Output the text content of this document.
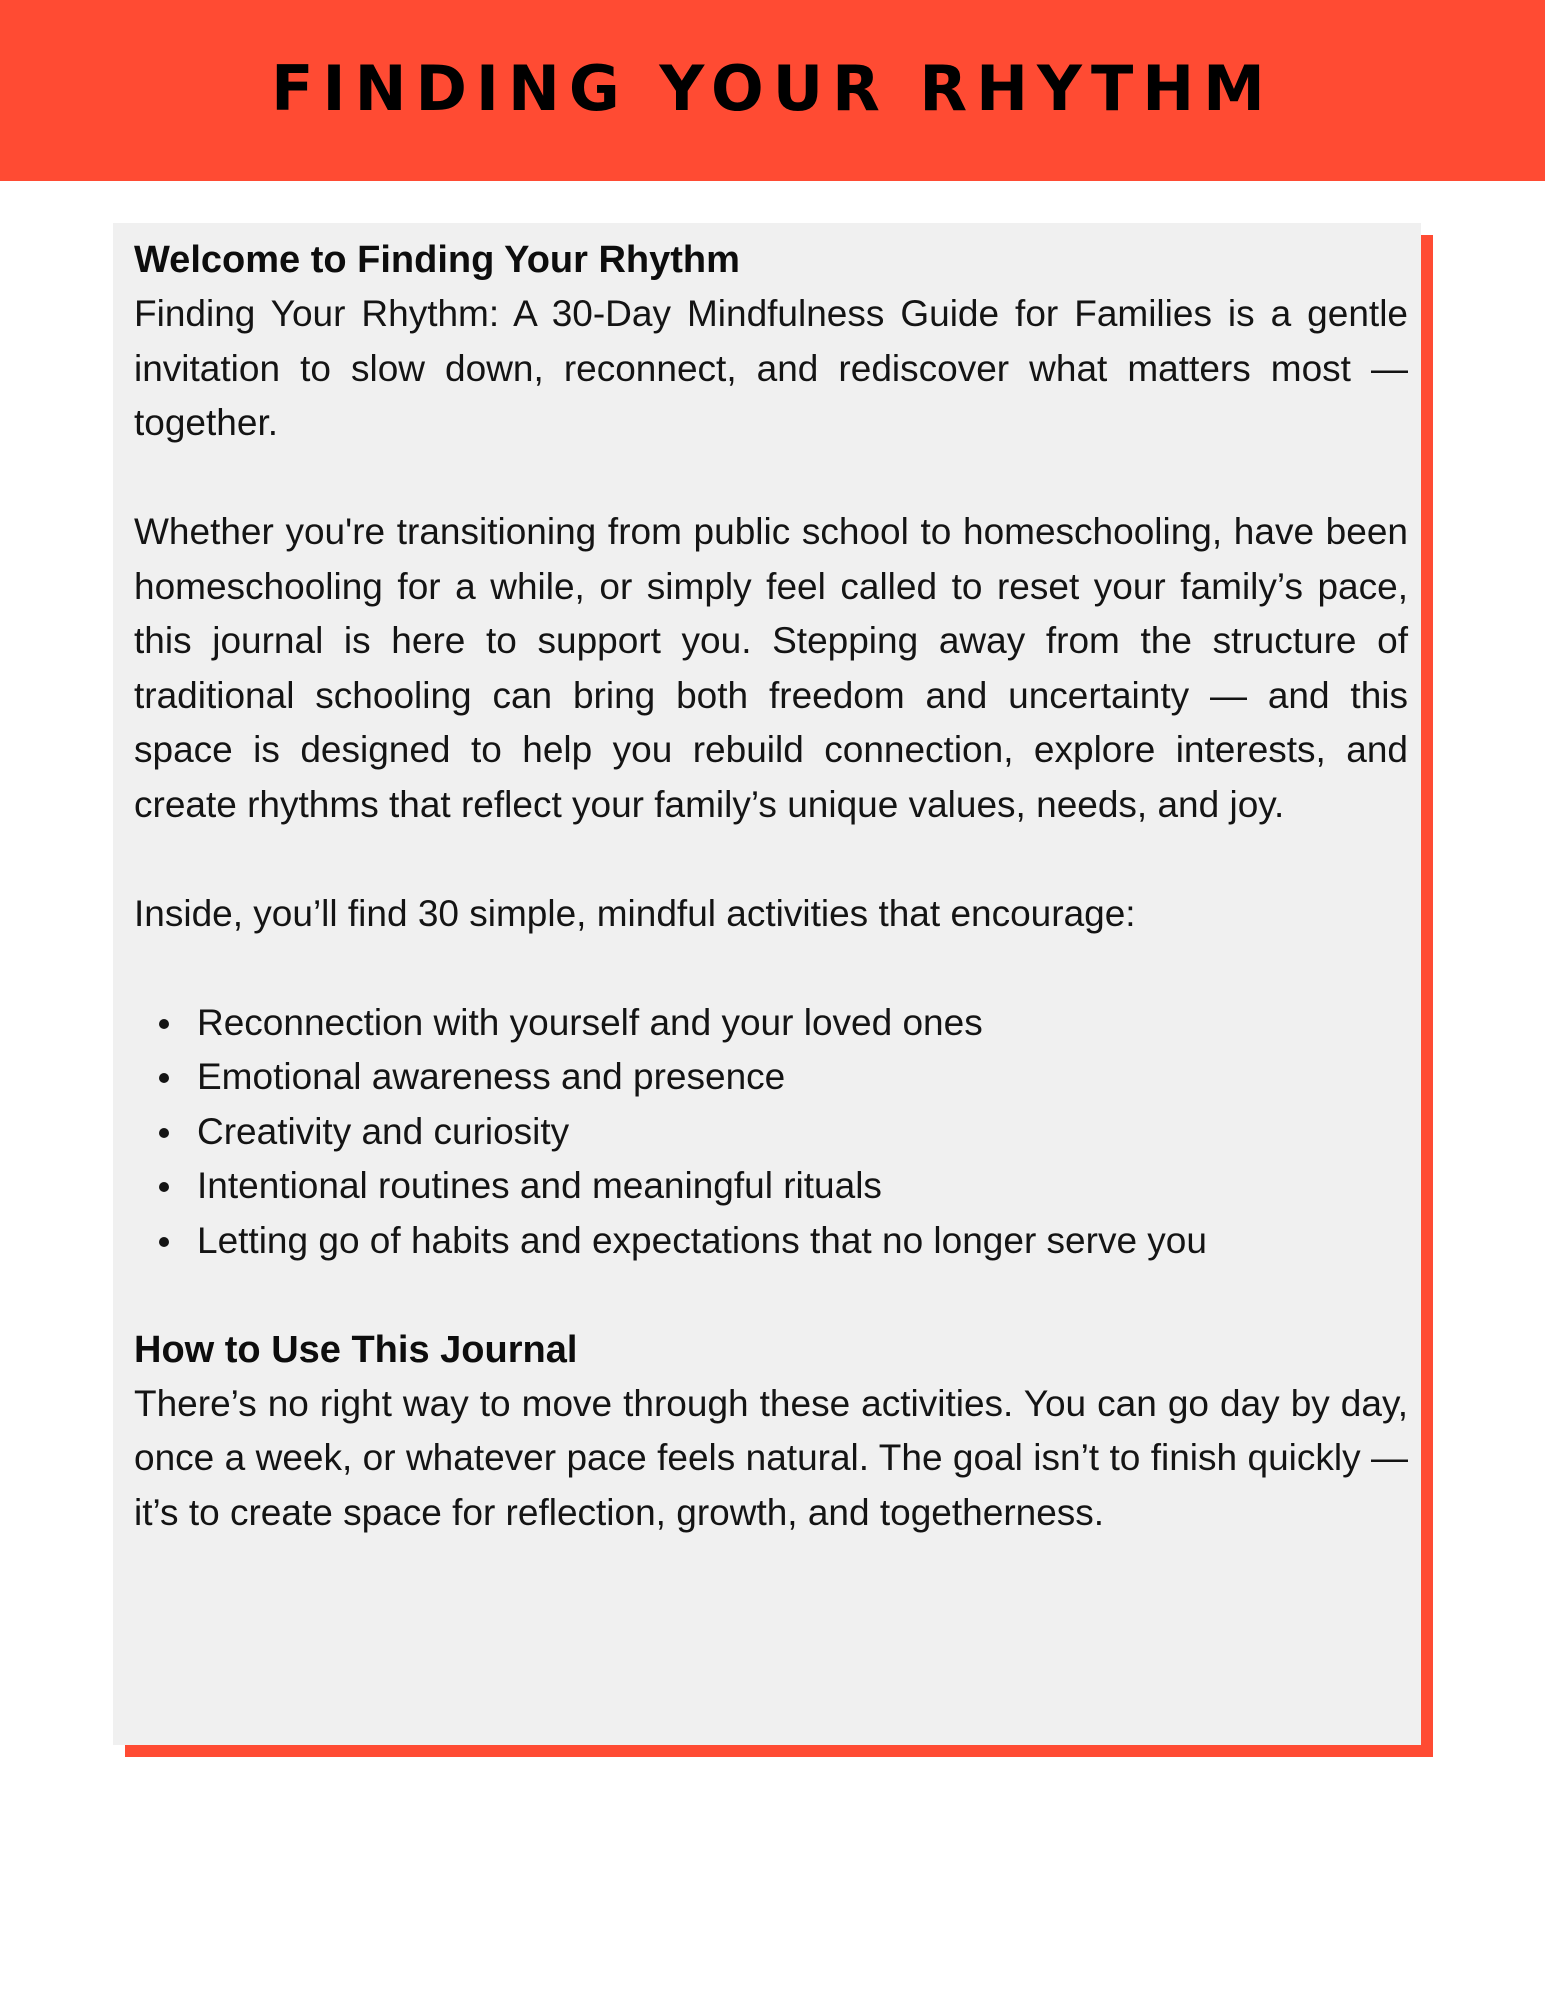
FINDING YOUR RHYTHM
Welcome to Finding Your Rhythm

Finding Your Rhythm: A 30-Day Mindfulness Guide for Families is a gentle invitation to slow down, reconnect, and rediscover what matters most — together.

Whether you're transitioning from public school to homeschooling, have been homeschooling for a while, or simply feel called to reset your family’s pace, this journal is here to support you. Stepping away from the structure of traditional schooling can bring both freedom and uncertainty — and this space is designed to help you rebuild connection, explore interests, and create rhythms that reflect your family’s unique values, needs, and joy.

Inside, you’ll find 30 simple, mindful activities that encourage:

Reconnection with yourself and your loved ones
Emotional awareness and presence
Creativity and curiosity
Intentional routines and meaningful rituals
Letting go of habits and expectations that no longer serve you
How to Use This Journal

There’s no right way to move through these activities. You can go day by day, once a week, or whatever pace feels natural. The goal isn’t to finish quickly — it’s to create space for reflection, growth, and togetherness.
